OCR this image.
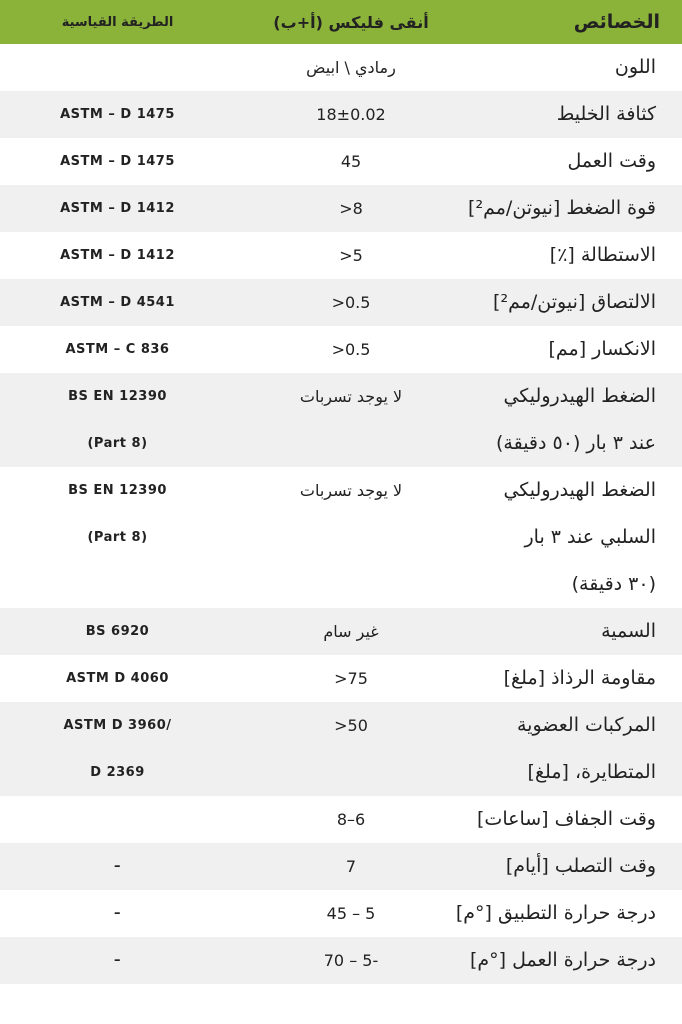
الخصائص
أنقى فليكس (أ+ب)
الطريقة القياسية
اللون
رمادي \ ابيض
كثافة الخليط
18±0.02
ASTM – D 1475
وقت العمل
45
ASTM – D 1475
قوة الضغط [نيوتن/مم²]
8<
ASTM – D 1412
الاستطالة [٪]
5<
ASTM – D 1412
الالتصاق [نيوتن/مم²]
0.5<
ASTM – D 4541
الانكسار [مم]
0.5<
ASTM – C 836
الضغط الهيدروليكي
عند ٣ بار (٥٠ دقيقة)
لا يوجد تسربات
BS EN 12390
(Part 8)
الضغط الهيدروليكي
السلبي عند ٣ بار
(٣٠ دقيقة)
لا يوجد تسربات
BS EN 12390
(Part 8)
السمية
غير سام
BS 6920
مقاومة الرذاذ [ملغ]
75<
ASTM D 4060
المركبات العضوية
المتطايرة، [ملغ]
50<
ASTM D 3960/
D 2369
وقت الجفاف [ساعات]
6–8
وقت التصلب [أيام]
7
–
درجة حرارة التطبيق [°م]
5 – 45
–
درجة حرارة العمل [°م]
-5 – 70
–
